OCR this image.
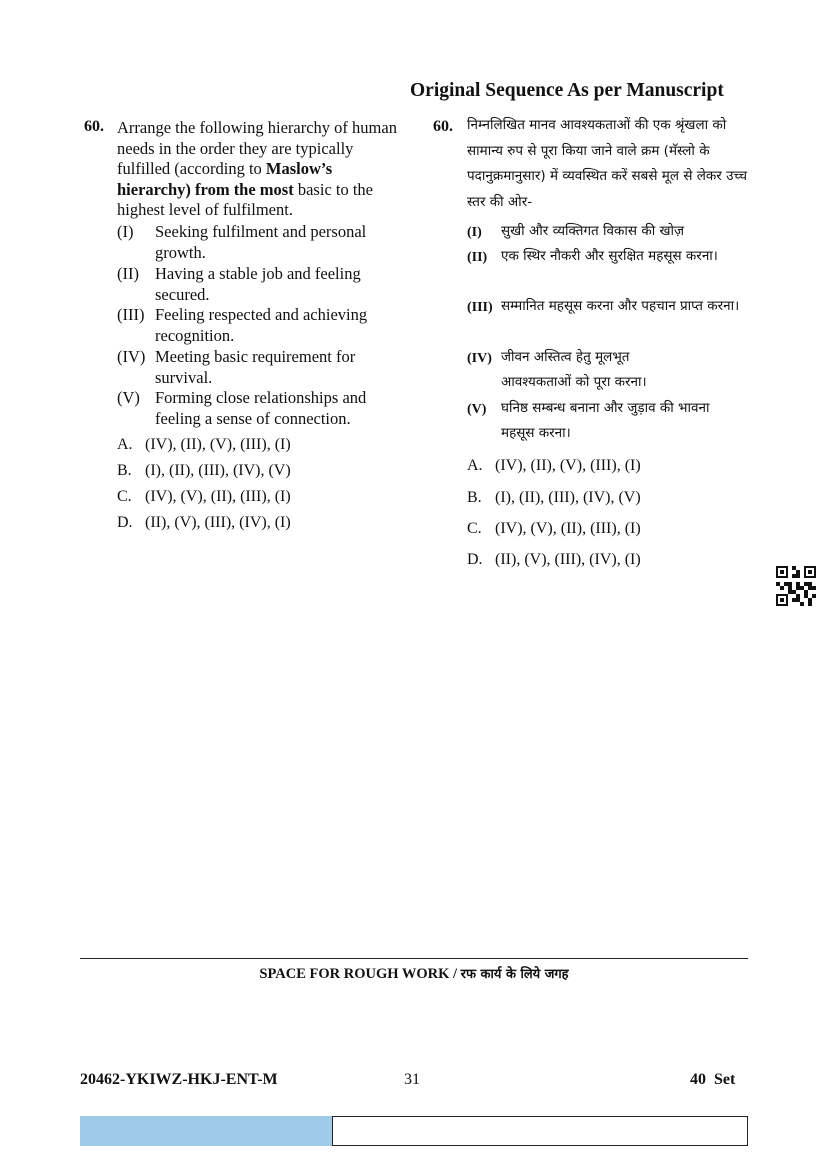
Original Sequence As per Manuscript
60. Arrange the following hierarchy of human needs in the order they are typically fulfilled (according to Maslow’s hierarchy) from the most basic to the highest level of fulfilment.
(I) Seeking fulfilment and personal growth.
(II) Having a stable job and feeling secured.
(III) Feeling respected and achieving recognition.
(IV) Meeting basic requirement for survival.
(V) Forming close relationships and feeling a sense of connection.
A. (IV), (II), (V), (III), (I)
B. (I), (II), (III), (IV), (V)
C. (IV), (V), (II), (III), (I)
D. (II), (V), (III), (IV), (I)
60. निम्नलिखित मानव आवश्यकताओं की एक श्रृंखला को सामान्य रुप से पूरा किया जाने वाले क्रम (मॅस्लो के पदानुक्रमानुसार) में व्यवस्थित करें सबसे मूल से लेकर उच्च स्तर की ओर-
(I) सुखी और व्यक्तिगत विकास की खोज़
(II) एक स्थिर नौकरी और सुरक्षित महसूस करना।
(III) सम्मानित महसूस करना और पहचान प्राप्त करना।
(IV) जीवन अस्तित्व हेतु मूलभूत आवश्यकताओं को पूरा करना।
(V) घनिष्ठ सम्बन्ध बनाना और जुड़ाव की भावना महसूस करना।
A. (IV), (II), (V), (III), (I)
B. (I), (II), (III), (IV), (V)
C. (IV), (V), (II), (III), (I)
D. (II), (V), (III), (IV), (I)
SPACE FOR ROUGH WORK / रफ कार्य के लिये जगह
20462-YKIWZ-HKJ-ENT-M	31	40 Set
